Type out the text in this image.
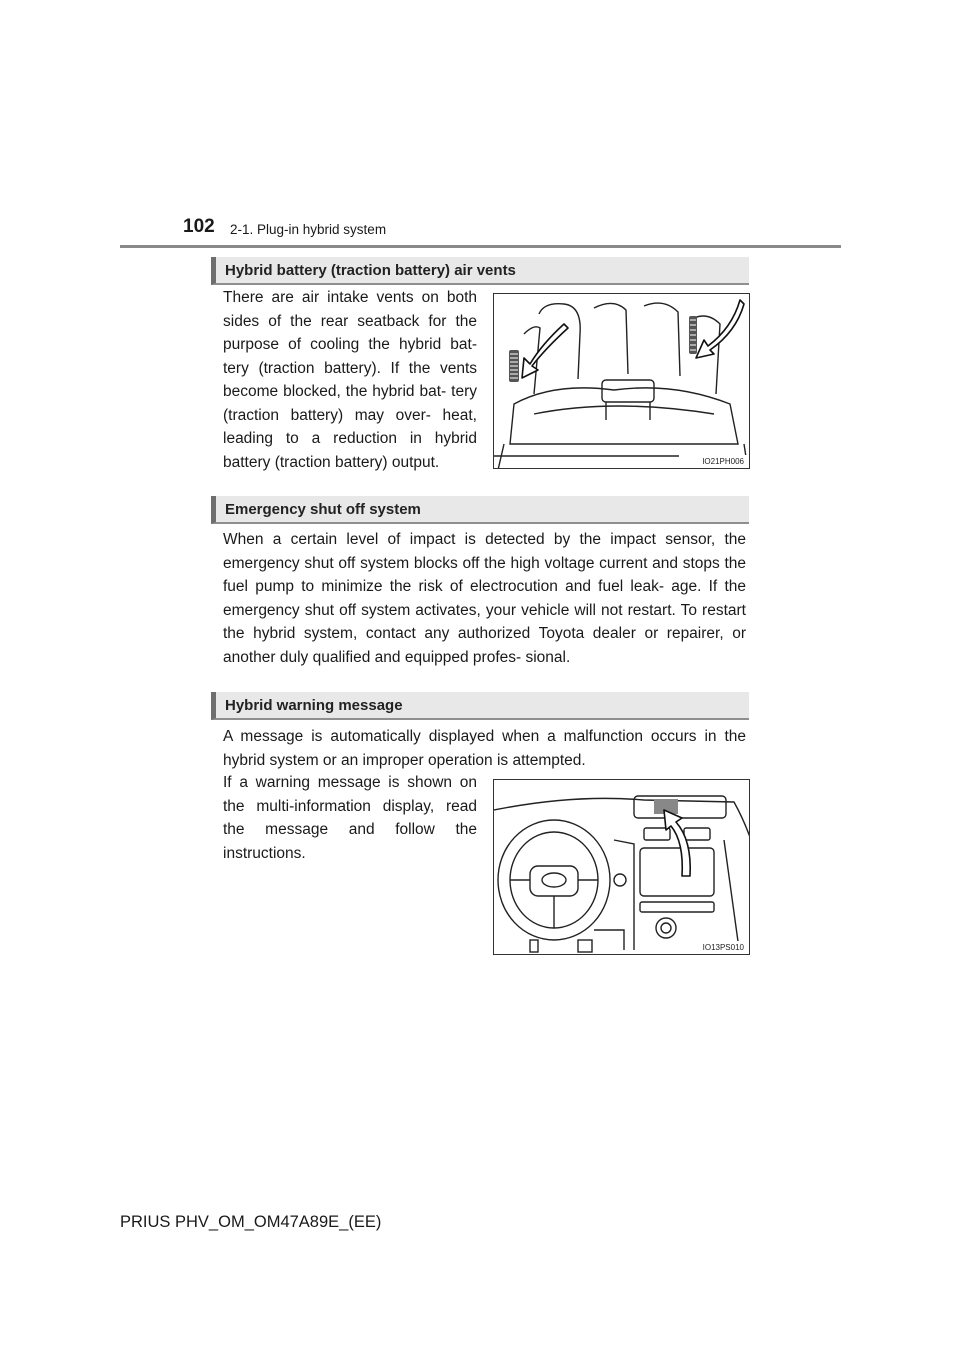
102 2-1. Plug-in hybrid system
Hybrid battery (traction battery) air vents
There are air intake vents on both sides of the rear seatback for the purpose of cooling the hybrid bat- tery (traction battery). If the vents become blocked, the hybrid bat- tery (traction battery) may over- heat, leading to a reduction in hybrid battery (traction battery) output.	IO21PH006
Emergency shut off system
When a certain level of impact is detected by the impact sensor, the emergency shut off system blocks off the high voltage current and stops the fuel pump to minimize the risk of electrocution and fuel leak- age. If the emergency shut off system activates, your vehicle will not restart. To restart the hybrid system, contact any authorized Toyota dealer or repairer, or another duly qualified and equipped profes- sional.
Hybrid warning message
A message is automatically displayed when a malfunction occurs in the hybrid system or an improper operation is attempted.
If a warning message is shown on the multi-information display, read the message and follow the instructions.
IO13PS010
PRIUS PHV_OM_OM47A89E_(EE)
